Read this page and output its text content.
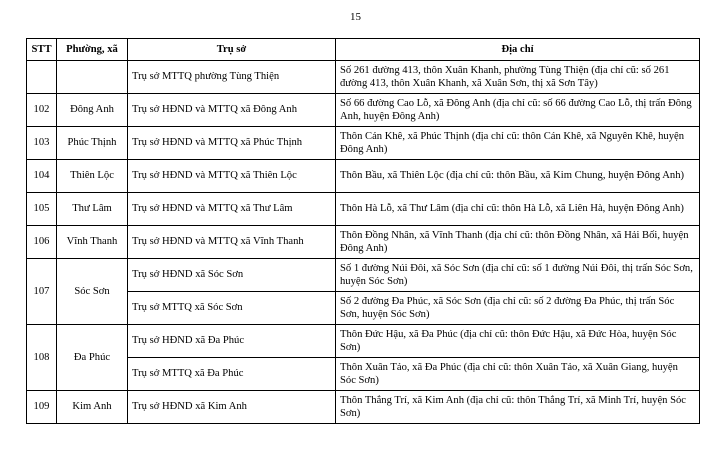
15
STT	Phường, xã	Trụ sở	Địa chỉ
		Trụ sở MTTQ phường Tùng Thiện	Số 261 đường 413, thôn Xuân Khanh, phường Tùng Thiện (địa chỉ cũ: số 261 đường 413, thôn Xuân Khanh, xã Xuân Sơn, thị xã Sơn Tây)
102	Đông Anh	Trụ sở HĐND và MTTQ xã Đông Anh	Số 66 đường Cao Lỗ, xã Đông Anh (địa chỉ cũ: số 66 đường Cao Lỗ, thị trấn Đông Anh, huyện Đông Anh)
103	Phúc Thịnh	Trụ sở HĐND và MTTQ xã Phúc Thịnh	Thôn Cán Khê, xã Phúc Thịnh (địa chỉ cũ: thôn Cán Khê, xã Nguyên Khê, huyện Đông Anh)
104	Thiên Lộc	Trụ sở HĐND và MTTQ xã Thiên Lộc	Thôn Bầu, xã Thiên Lộc (địa chỉ cũ: thôn Bầu, xã Kim Chung, huyện Đông Anh)
105	Thư Lâm	Trụ sở HĐND và MTTQ xã Thư Lâm	Thôn Hà Lỗ, xã Thư Lâm (địa chỉ cũ: thôn Hà Lỗ, xã Liên Hà, huyện Đông Anh)
106	Vĩnh Thanh	Trụ sở HĐND và MTTQ xã Vĩnh Thanh	Thôn Đồng Nhân, xã Vĩnh Thanh (địa chỉ cũ: thôn Đồng Nhân, xã Hải Bối, huyện Đông Anh)
107	Sóc Sơn	Trụ sở HĐND xã Sóc Sơn	Số 1 đường Núi Đôi, xã Sóc Sơn (địa chỉ cũ: số 1 đường Núi Đôi, thị trấn Sóc Sơn, huyện Sóc Sơn)
		Trụ sở MTTQ xã Sóc Sơn	Số 2 đường Đa Phúc, xã Sóc Sơn (địa chỉ cũ: số 2 đường Đa Phúc, thị trấn Sóc Sơn, huyện Sóc Sơn)
108	Đa Phúc	Trụ sở HĐND xã Đa Phúc	Thôn Đức Hậu, xã Đa Phúc (địa chỉ cũ: thôn Đức Hậu, xã Đức Hòa, huyện Sóc Sơn)
		Trụ sở MTTQ xã Đa Phúc	Thôn Xuân Tảo, xã Đa Phúc (địa chỉ cũ: thôn Xuân Tảo, xã Xuân Giang, huyện Sóc Sơn)
109	Kim Anh	Trụ sở HĐND xã Kim Anh	Thôn Thắng Trí, xã Kim Anh (địa chỉ cũ: thôn Thắng Trí, xã Minh Trí, huyện Sóc Sơn)
